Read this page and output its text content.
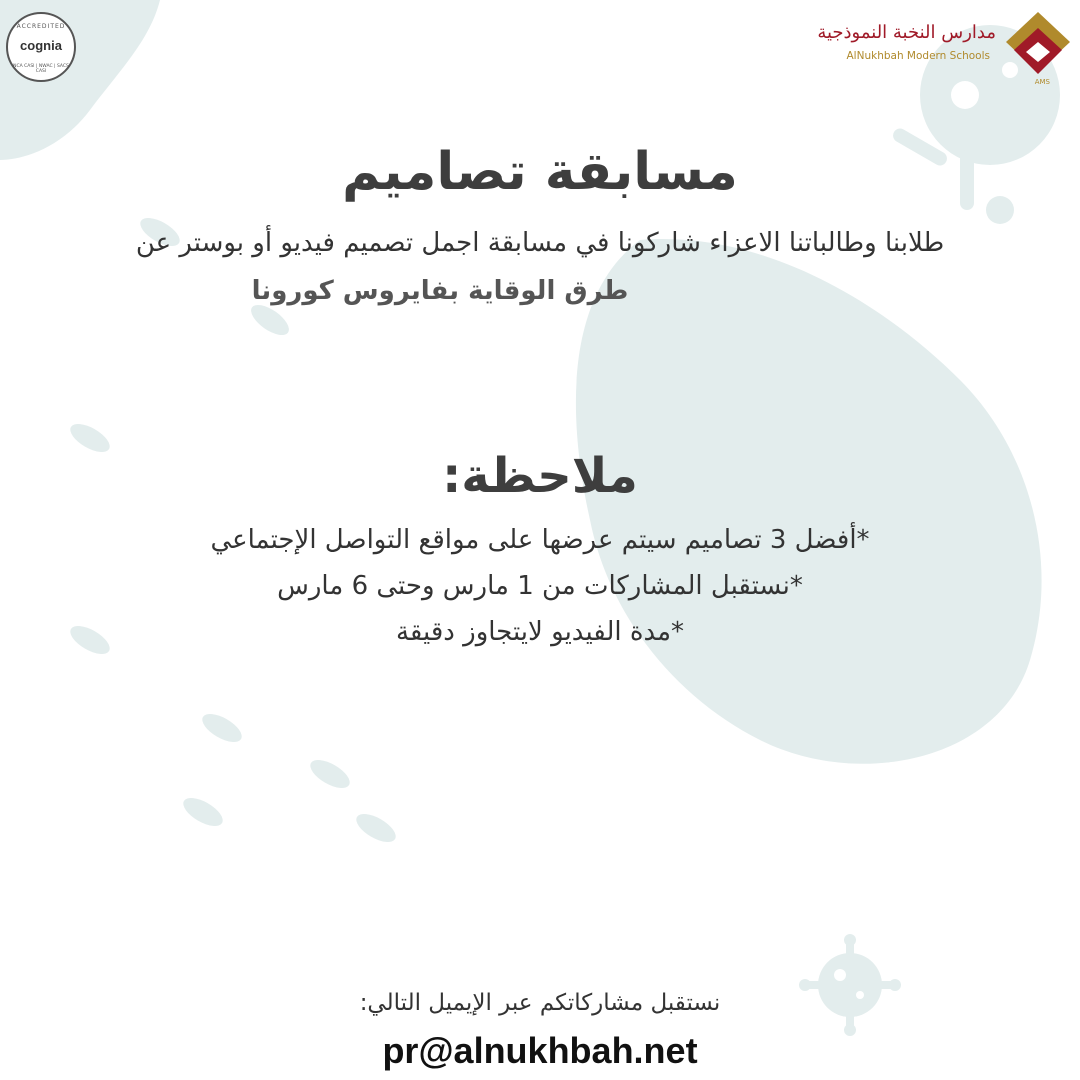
مدارس النخبة النموذجية
AlNukhbah Modern Schools
AMS
ACCREDITED
cognia
NCA CASI | NWAC | SACS CASI
مسابقة تصاميم
طلابنا وطالباتنا الاعزاء شاركونا في مسابقة اجمل تصميم فيديو أو بوستر عن
طرق الوقاية بفايروس كورونا
ملاحظة:
*أفضل 3 تصاميم سيتم عرضها على مواقع التواصل الإجتماعي
*نستقبل المشاركات من 1 مارس وحتى 6 مارس
*مدة الفيديو لايتجاوز دقيقة
نستقبل مشاركاتكم عبر الإيميل التالي:
pr@alnukhbah.net
